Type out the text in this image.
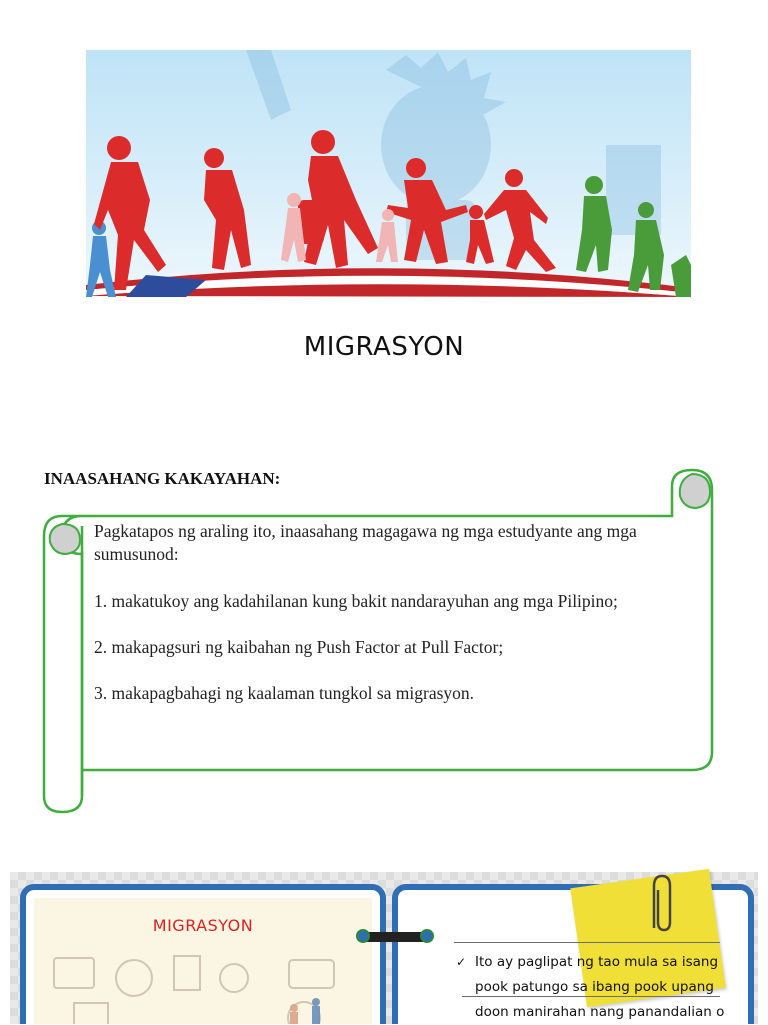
MIGRASYON
INAASAHANG KAKAYAHAN:

Pagkatapos ng araling ito, inaasahang magagawa ng mga estudyante ang mga

sumusunod:

1. makatukoy ang kadahilanan kung bakit nandarayuhan ang mga Pilipino;

2. makapagsuri ng kaibahan ng Push Factor at Pull Factor;

3. makapagbahagi ng kaalaman tungkol sa migrasyon.

MIGRASYON
✓ Ito ay paglipat ng tao mula sa isang
pook patungo sa ibang pook upang
doon manirahan nang panandalian o
